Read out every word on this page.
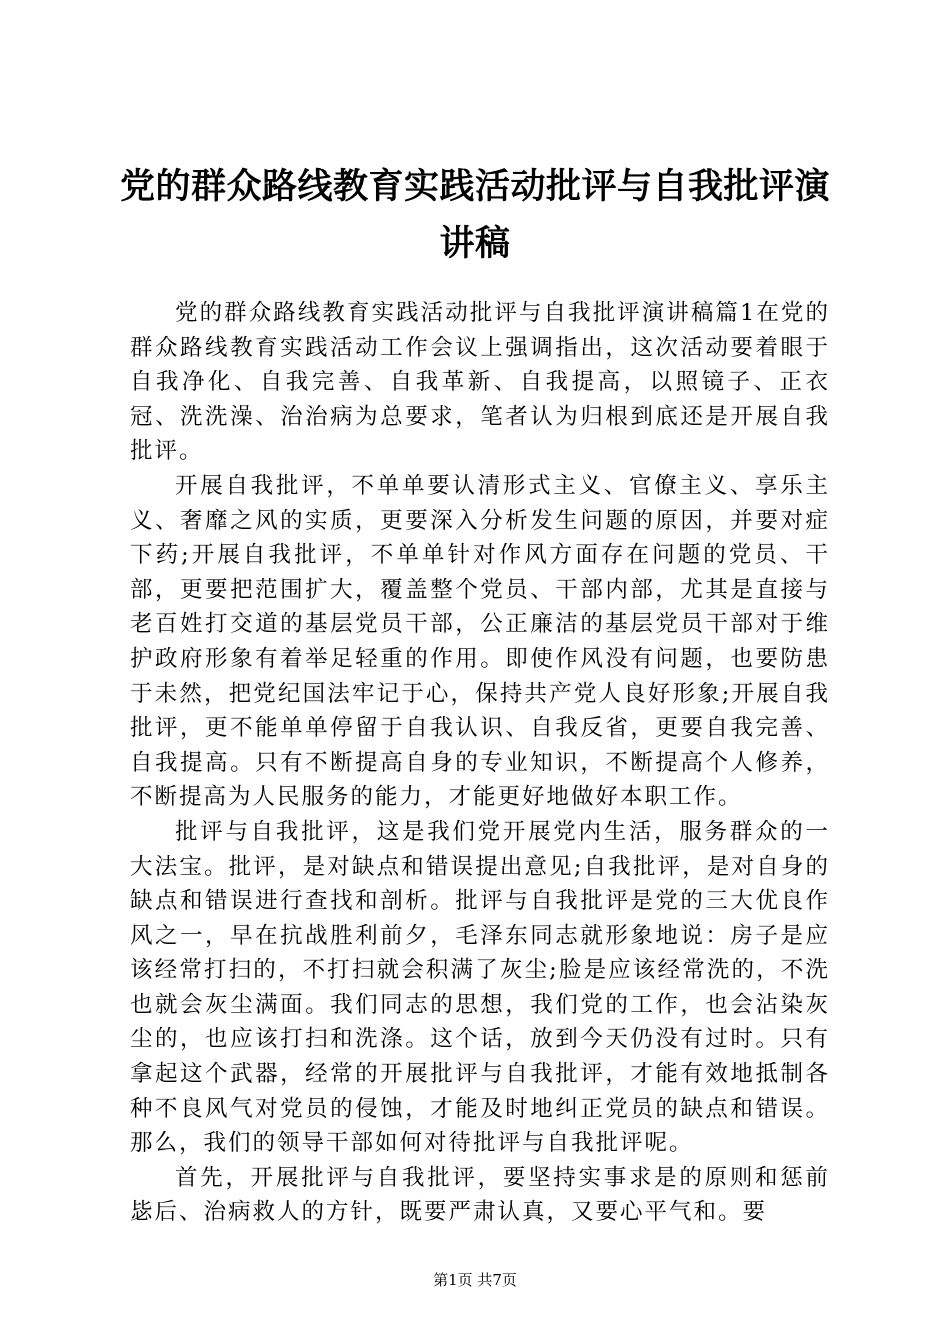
党的群众路线教育实践活动批评与自我批评演讲稿

党的群众路线教育实践活动批评与自我批评演讲稿篇1在党的群众路线教育实践活动工作会议上强调指出，这次活动要着眼于自我净化、自我完善、自我革新、自我提高，以照镜子、正衣冠、洗洗澡、治治病为总要求，笔者认为归根到底还是开展自我批评。

开展自我批评，不单单要认清形式主义、官僚主义、享乐主义、奢靡之风的实质，更要深入分析发生问题的原因，并要对症下药;开展自我批评，不单单针对作风方面存在问题的党员、干部，更要把范围扩大，覆盖整个党员、干部内部，尤其是直接与老百姓打交道的基层党员干部，公正廉洁的基层党员干部对于维护政府形象有着举足轻重的作用。即使作风没有问题，也要防患于未然，把党纪国法牢记于心，保持共产党人良好形象;开展自我批评，更不能单单停留于自我认识、自我反省，更要自我完善、自我提高。只有不断提高自身的专业知识，不断提高个人修养，不断提高为人民服务的能力，才能更好地做好本职工作。

批评与自我批评，这是我们党开展党内生活，服务群众的一大法宝。批评，是对缺点和错误提出意见;自我批评，是对自身的缺点和错误进行查找和剖析。批评与自我批评是党的三大优良作风之一，早在抗战胜利前夕，毛泽东同志就形象地说：房子是应该经常打扫的，不打扫就会积满了灰尘;脸是应该经常洗的，不洗也就会灰尘满面。我们同志的思想，我们党的工作，也会沾染灰尘的，也应该打扫和洗涤。这个话，放到今天仍没有过时。只有拿起这个武器，经常的开展批评与自我批评，才能有效地抵制各种不良风气对党员的侵蚀，才能及时地纠正党员的缺点和错误。那么，我们的领导干部如何对待批评与自我批评呢。

首先，开展批评与自我批评，要坚持实事求是的原则和惩前毖后、治病救人的方针，既要严肃认真，又要心平气和。要

第1页 共7页
